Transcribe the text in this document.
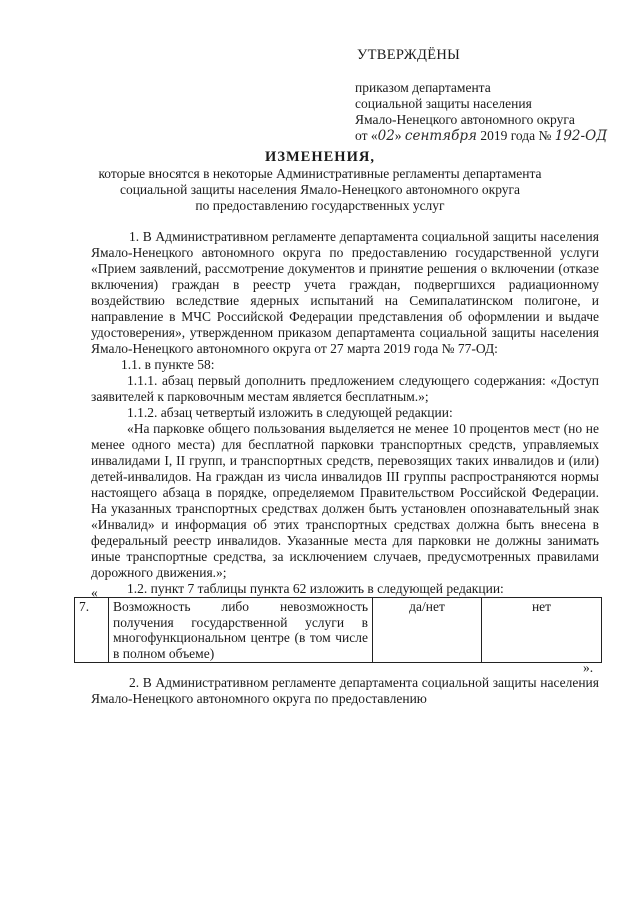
УТВЕРЖДЁНЫ
приказом департамента
социальной защиты населения
Ямало-Ненецкого автономного округа
от «02» сентября 2019 года № 192-ОД
ИЗМЕНЕНИЯ,
которые вносятся в некоторые Административные регламенты департамента
социальной защиты населения Ямало-Ненецкого автономного округа
по предоставлению государственных услуг

1. В Административном регламенте департамента социальной защиты населения Ямало-Ненецкого автономного округа по предоставлению государственной услуги «Прием заявлений, рассмотрение документов и принятие решения о включении (отказе включения) граждан в реестр учета граждан, подвергшихся радиационному воздействию вследствие ядерных испытаний на Семипалатинском полигоне, и направление в МЧС Российской Федерации представления об оформлении и выдаче удостоверения», утвержденном приказом департамента социальной защиты населения Ямало-Ненецкого автономного округа от 27 марта 2019 года № 77-ОД:

1.1. в пункте 58:

1.1.1. абзац первый дополнить предложением следующего содержания: «Доступ заявителей к парковочным местам является бесплатным.»;

1.1.2. абзац четвертый изложить в следующей редакции:

«На парковке общего пользования выделяется не менее 10 процентов мест (но не менее одного места) для бесплатной парковки транспортных средств, управляемых инвалидами I, II групп, и транспортных средств, перевозящих таких инвалидов и (или) детей-инвалидов. На граждан из числа инвалидов III группы распространяются нормы настоящего абзаца в порядке, определяемом Правительством Российской Федерации. На указанных транспортных средствах должен быть установлен опознавательный знак «Инвалид» и информация об этих транспортных средствах должна быть внесена в федеральный реестр инвалидов. Указанные места для парковки не должны занимать иные транспортные средства, за исключением случаев, предусмотренных правилами дорожного движения.»;

1.2. пункт 7 таблицы пункта 62 изложить в следующей редакции:

«
7.	Возможность либо невозможность получения государственной услуги в многофункциональном центре (в том числе в полном объеме)	да/нет	нет
».

2. В Административном регламенте департамента социальной защиты населения Ямало-Ненецкого автономного округа по предоставлению
